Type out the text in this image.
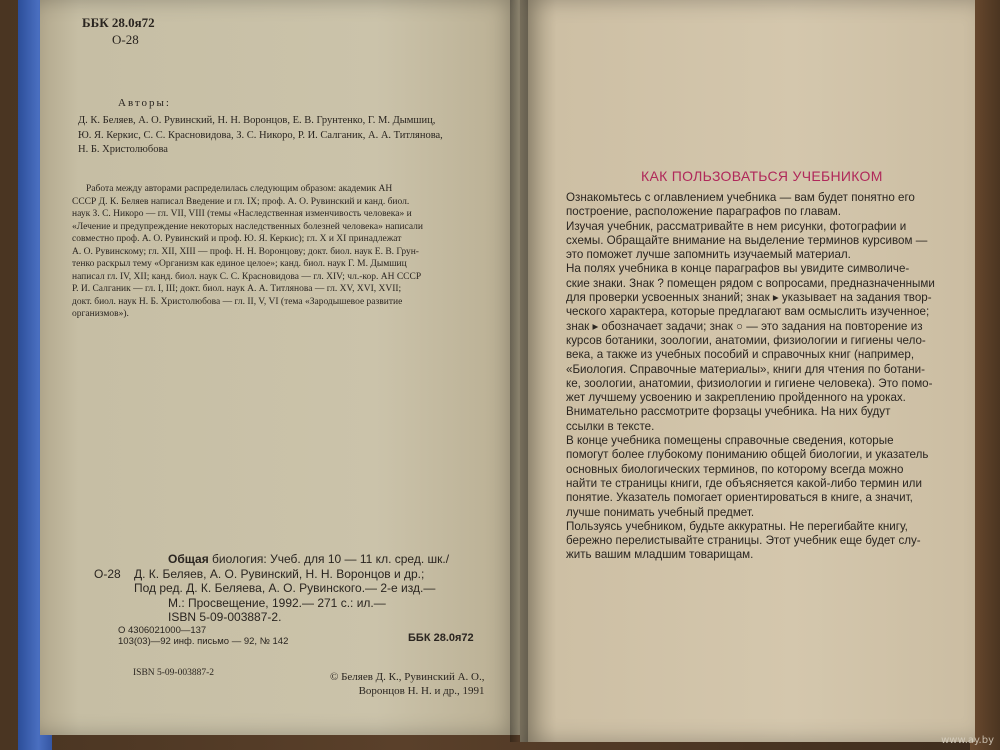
ББК 28.0я72
O-28
Авторы:
Д. К. Беляев, А. О. Рувинский, Н. Н. Воронцов, Е. В. Грунтенко, Г. М. Дымшиц,
Ю. Я. Керкис, С. С. Красновидова, З. С. Никоро, Р. И. Салганик, А. А. Титлянова,
Н. Б. Христолюбова
Работа между авторами распределилась следующим образом: академик АН
СССР Д. К. Беляев написал Введение и гл. IX; проф. А. О. Рувинский и канд. биол.
наук З. С. Никоро — гл. VII, VIII (темы «Наследственная изменчивость человека» и
«Лечение и предупреждение некоторых наследственных болезней человека» написали
совместно проф. А. О. Рувинский и проф. Ю. Я. Керкис); гл. Х и XI принадлежат
А. О. Рувинскому; гл. XII, XIII — проф. Н. Н. Воронцову; докт. биол. наук Е. В. Грун-
тенко раскрыл тему «Организм как единое целое»; канд. биол. наук Г. М. Дымшиц
написал гл. IV, XII; канд. биол. наук С. С. Красновидова — гл. XIV; чл.-кор. АН СССР
Р. И. Салганик — гл. I, III; докт. биол. наук А. А. Титлянова — гл. XV, XVI, XVII;
докт. биол. наук Н. Б. Христолюбова — гл. II, V, VI (тема «Зародышевое развитие
организмов»).
O-28
Общая биология: Учеб. для 10 — 11 кл. сред. шк./
Д. К. Беляев, А. О. Рувинский, Н. Н. Воронцов и др.;
Под ред. Д. К. Беляева, А. О. Рувинского.— 2-е изд.—
М.: Просвещение, 1992.— 271 с.: ил.—
ISBN 5-09-003887-2.
О 4306021000—137
103(03)—92 инф. письмо — 92, № 142	ББК 28.0я72
ISBN 5-09-003887-2	© Беляев Д. К., Рувинский А. О.,
Воронцов Н. Н. и др., 1991
КАК ПОЛЬЗОВАТЬСЯ УЧЕБНИКОМ
Ознакомьтесь с оглавлением учебника — вам будет понятно его
построение, расположение параграфов по главам.
Изучая учебник, рассматривайте в нем рисунки, фотографии и
схемы. Обращайте внимание на выделение терминов курсивом —
это поможет лучше запомнить изучаемый материал.
На полях учебника в конце параграфов вы увидите символиче-
ские знаки. Знак ? помещен рядом с вопросами, предназначенными
для проверки усвоенных знаний; знак ▸ указывает на задания твор-
ческого характера, которые предлагают вам осмыслить изученное;
знак ▸ обозначает задачи; знак ○ — это задания на повторение из
курсов ботаники, зоологии, анатомии, физиологии и гигиены чело-
века, а также из учебных пособий и справочных книг (например,
«Биология. Справочные материалы», книги для чтения по ботани-
ке, зоологии, анатомии, физиологии и гигиене человека). Это помо-
жет лучшему усвоению и закреплению пройденного на уроках.
Внимательно рассмотрите форзацы учебника. На них будут
ссылки в тексте.
В конце учебника помещены справочные сведения, которые
помогут более глубокому пониманию общей биологии, и указатель
основных биологических терминов, по которому всегда можно
найти те страницы книги, где объясняется какой-либо термин или
понятие. Указатель помогает ориентироваться в книге, а значит,
лучше понимать учебный предмет.
Пользуясь учебником, будьте аккуратны. Не перегибайте книгу,
бережно перелистывайте страницы. Этот учебник еще будет слу-
жить вашим младшим товарищам.
www.ay.by
